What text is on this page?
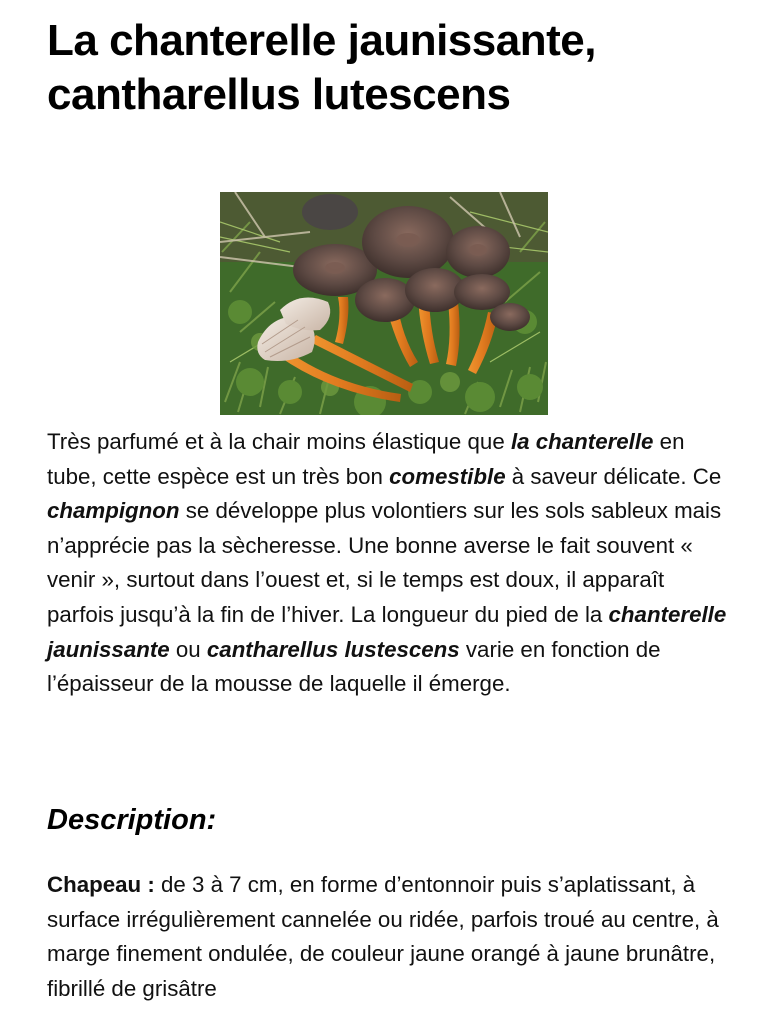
La chanterelle jaunissante,
cantharellus lutescens

Très parfumé et à la chair moins élastique que la chanterelle en tube, cette espèce est un très bon comestible à saveur délicate. Ce champignon se développe plus volontiers sur les sols sableux mais n’apprécie pas la sècheresse. Une bonne averse le fait souvent « venir », surtout dans l’ouest et, si le temps est doux, il apparaît parfois jusqu’à la fin de l’hiver. La longueur du pied de la chanterelle jaunissante ou cantharellus lustescens varie en fonction de l’épaisseur de la mousse de laquelle il émerge.

Description:

Chapeau : de 3 à 7 cm, en forme d’entonnoir puis s’aplatissant, à surface irrégulièrement cannelée ou ridée, parfois troué au centre, à marge finement ondulée, de couleur jaune orangé à jaune brunâtre, fibrillé de grisâtre
